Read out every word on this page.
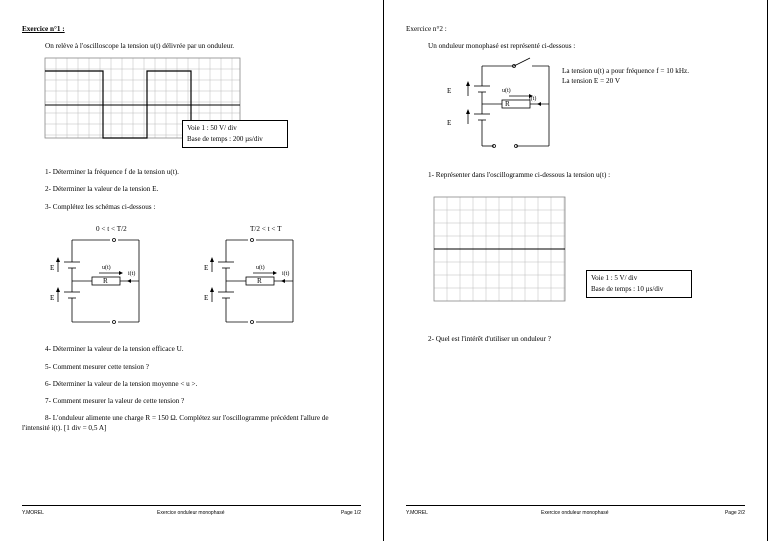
Exercice n°1 :
On relève à l'oscilloscope la tension u(t) délivrée par un onduleur.
Voie 1 : 50 V/ div
Base de temps : 200 µs/div
1- Déterminer la fréquence f de la tension u(t).
2- Déterminer la valeur de la tension E.
3- Complétez les schémas ci-dessous :
0 < t < T/2	T/2 < t < T
E
E
u(t)
i(t)
R
E
E
u(t)
i(t)
R
4- Déterminer la valeur de la tension efficace U.
5- Comment mesurer cette tension ?
6- Déterminer la valeur de la tension moyenne < u >.
7- Comment mesurer la valeur de cette tension ?
8- L'onduleur alimente une charge R = 150 Ω. Complétez sur l'oscillogramme précédent l'allure de
l'intensité i(t). [1 div = 0,5 A]
Y.MOREL	Exercice onduleur monophasé	Page 1/2
Exercice n°2 :
Un onduleur monophasé est représenté ci-dessous :
E
E
u(t)
i(t)
R
La tension u(t) a pour fréquence f = 10 kHz.
La tension E = 20 V
1- Représenter dans l'oscillogramme ci-dessous la tension u(t) :
Voie 1 : 5 V/ div
Base de temps : 10 µs/div
2- Quel est l'intérêt d'utiliser un onduleur ?
Y.MOREL	Exercice onduleur monophasé	Page 2/2
